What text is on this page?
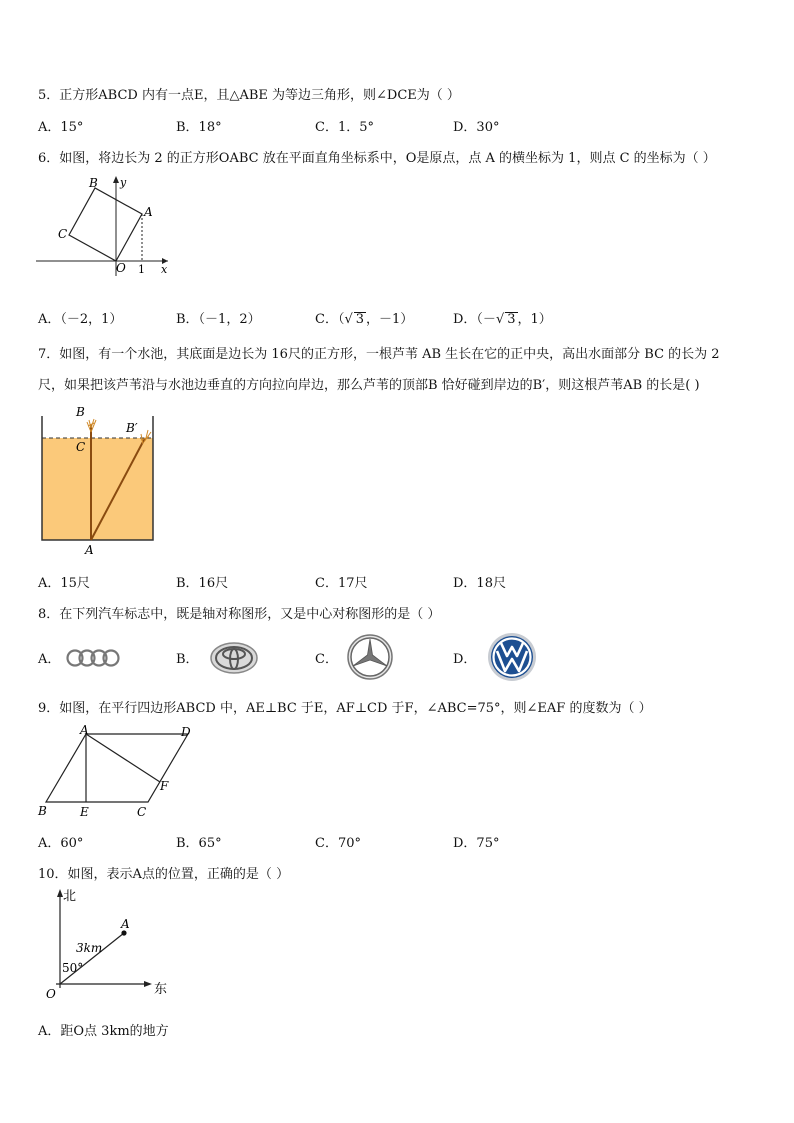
5．正方形ABCD 内有一点E，且△ABE 为等边三角形，则∠DCE为（ ）
A．15°	B．18°	C．1．5°	D．30°
6．如图，将边长为 2 的正方形OABC 放在平面直角坐标系中，O是原点，点 A 的横坐标为 1，则点 C 的坐标为（ ）
B
A
C
O 1 x
y
A．（－2，1）	B．（－1，2）	C．（√ 3 ，－1）	D．（－√ 3 ，1）
7．如图，有一个水池，其底面是边长为 16尺的正方形，一根芦苇 AB 生长在它的正中央，高出水面部分 BC 的长为 2
尺，如果把该芦苇沿与水池边垂直的方向拉向岸边，那么芦苇的顶部B 恰好碰到岸边的B′，则这根芦苇AB 的长是( )
B
B′
C
A
A．15尺	B．16尺	C．17尺	D．18尺
8．在下列汽车标志中，既是轴对称图形，又是中心对称图形的是（ ）
A．	B．	C．	D．
9．如图，在平行四边形ABCD 中，AE⊥BC 于E，AF⊥CD 于F，∠ABC=75°，则∠EAF 的度数为（ ）
A	D
B	E	C
F
A．60°	B．65°	C．70°	D．75°
10．如图，表示A点的位置，正确的是（ ）
北
东
A
O
3km
50°
A．距O点 3km的地方
